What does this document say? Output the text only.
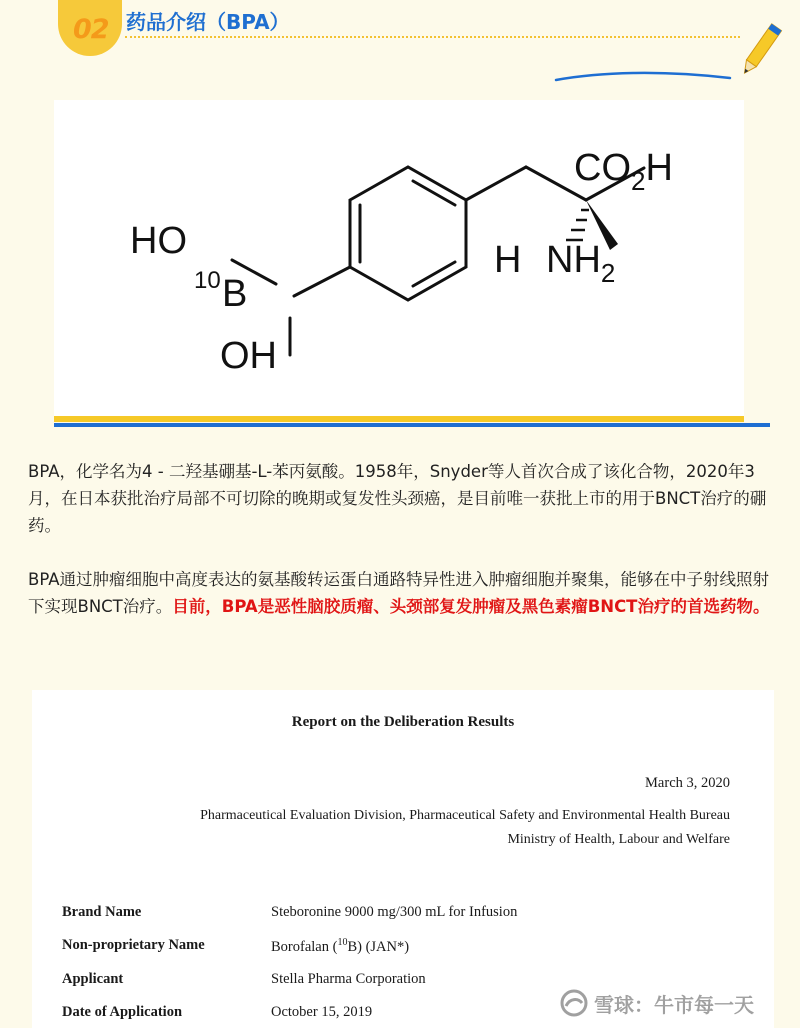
02 药品介绍（BPA）
$CO_2H$
HO
10 B
OH
H $NH_2$

BPA，化学名为4 - 二羟基硼基-L-苯丙氨酸。1958年，Snyder等人首次合成了该化合物，2020年3月，在日本获批治疗局部不可切除的晚期或复发性头颈癌，是目前唯一获批上市的用于BNCT治疗的硼药。

BPA通过肿瘤细胞中高度表达的氨基酸转运蛋白通路特异性进入肿瘤细胞并聚集，能够在中子射线照射下实现BNCT治疗。目前，BPA是恶性脑胶质瘤、头颈部复发肿瘤及黑色素瘤BNCT治疗的首选药物。

Report on the Deliberation Results
March 3, 2020
Pharmaceutical Evaluation Division, Pharmaceutical Safety and Environmental Health Bureau
Ministry of Health, Labour and Welfare
Brand Name	Steboronine 9000 mg/300 mL for Infusion
Non-proprietary Name	Borofalan ($^{10}$B) (JAN*)
Applicant	Stella Pharma Corporation
Date of Application	October 15, 2019	雪球：牛市每一天
